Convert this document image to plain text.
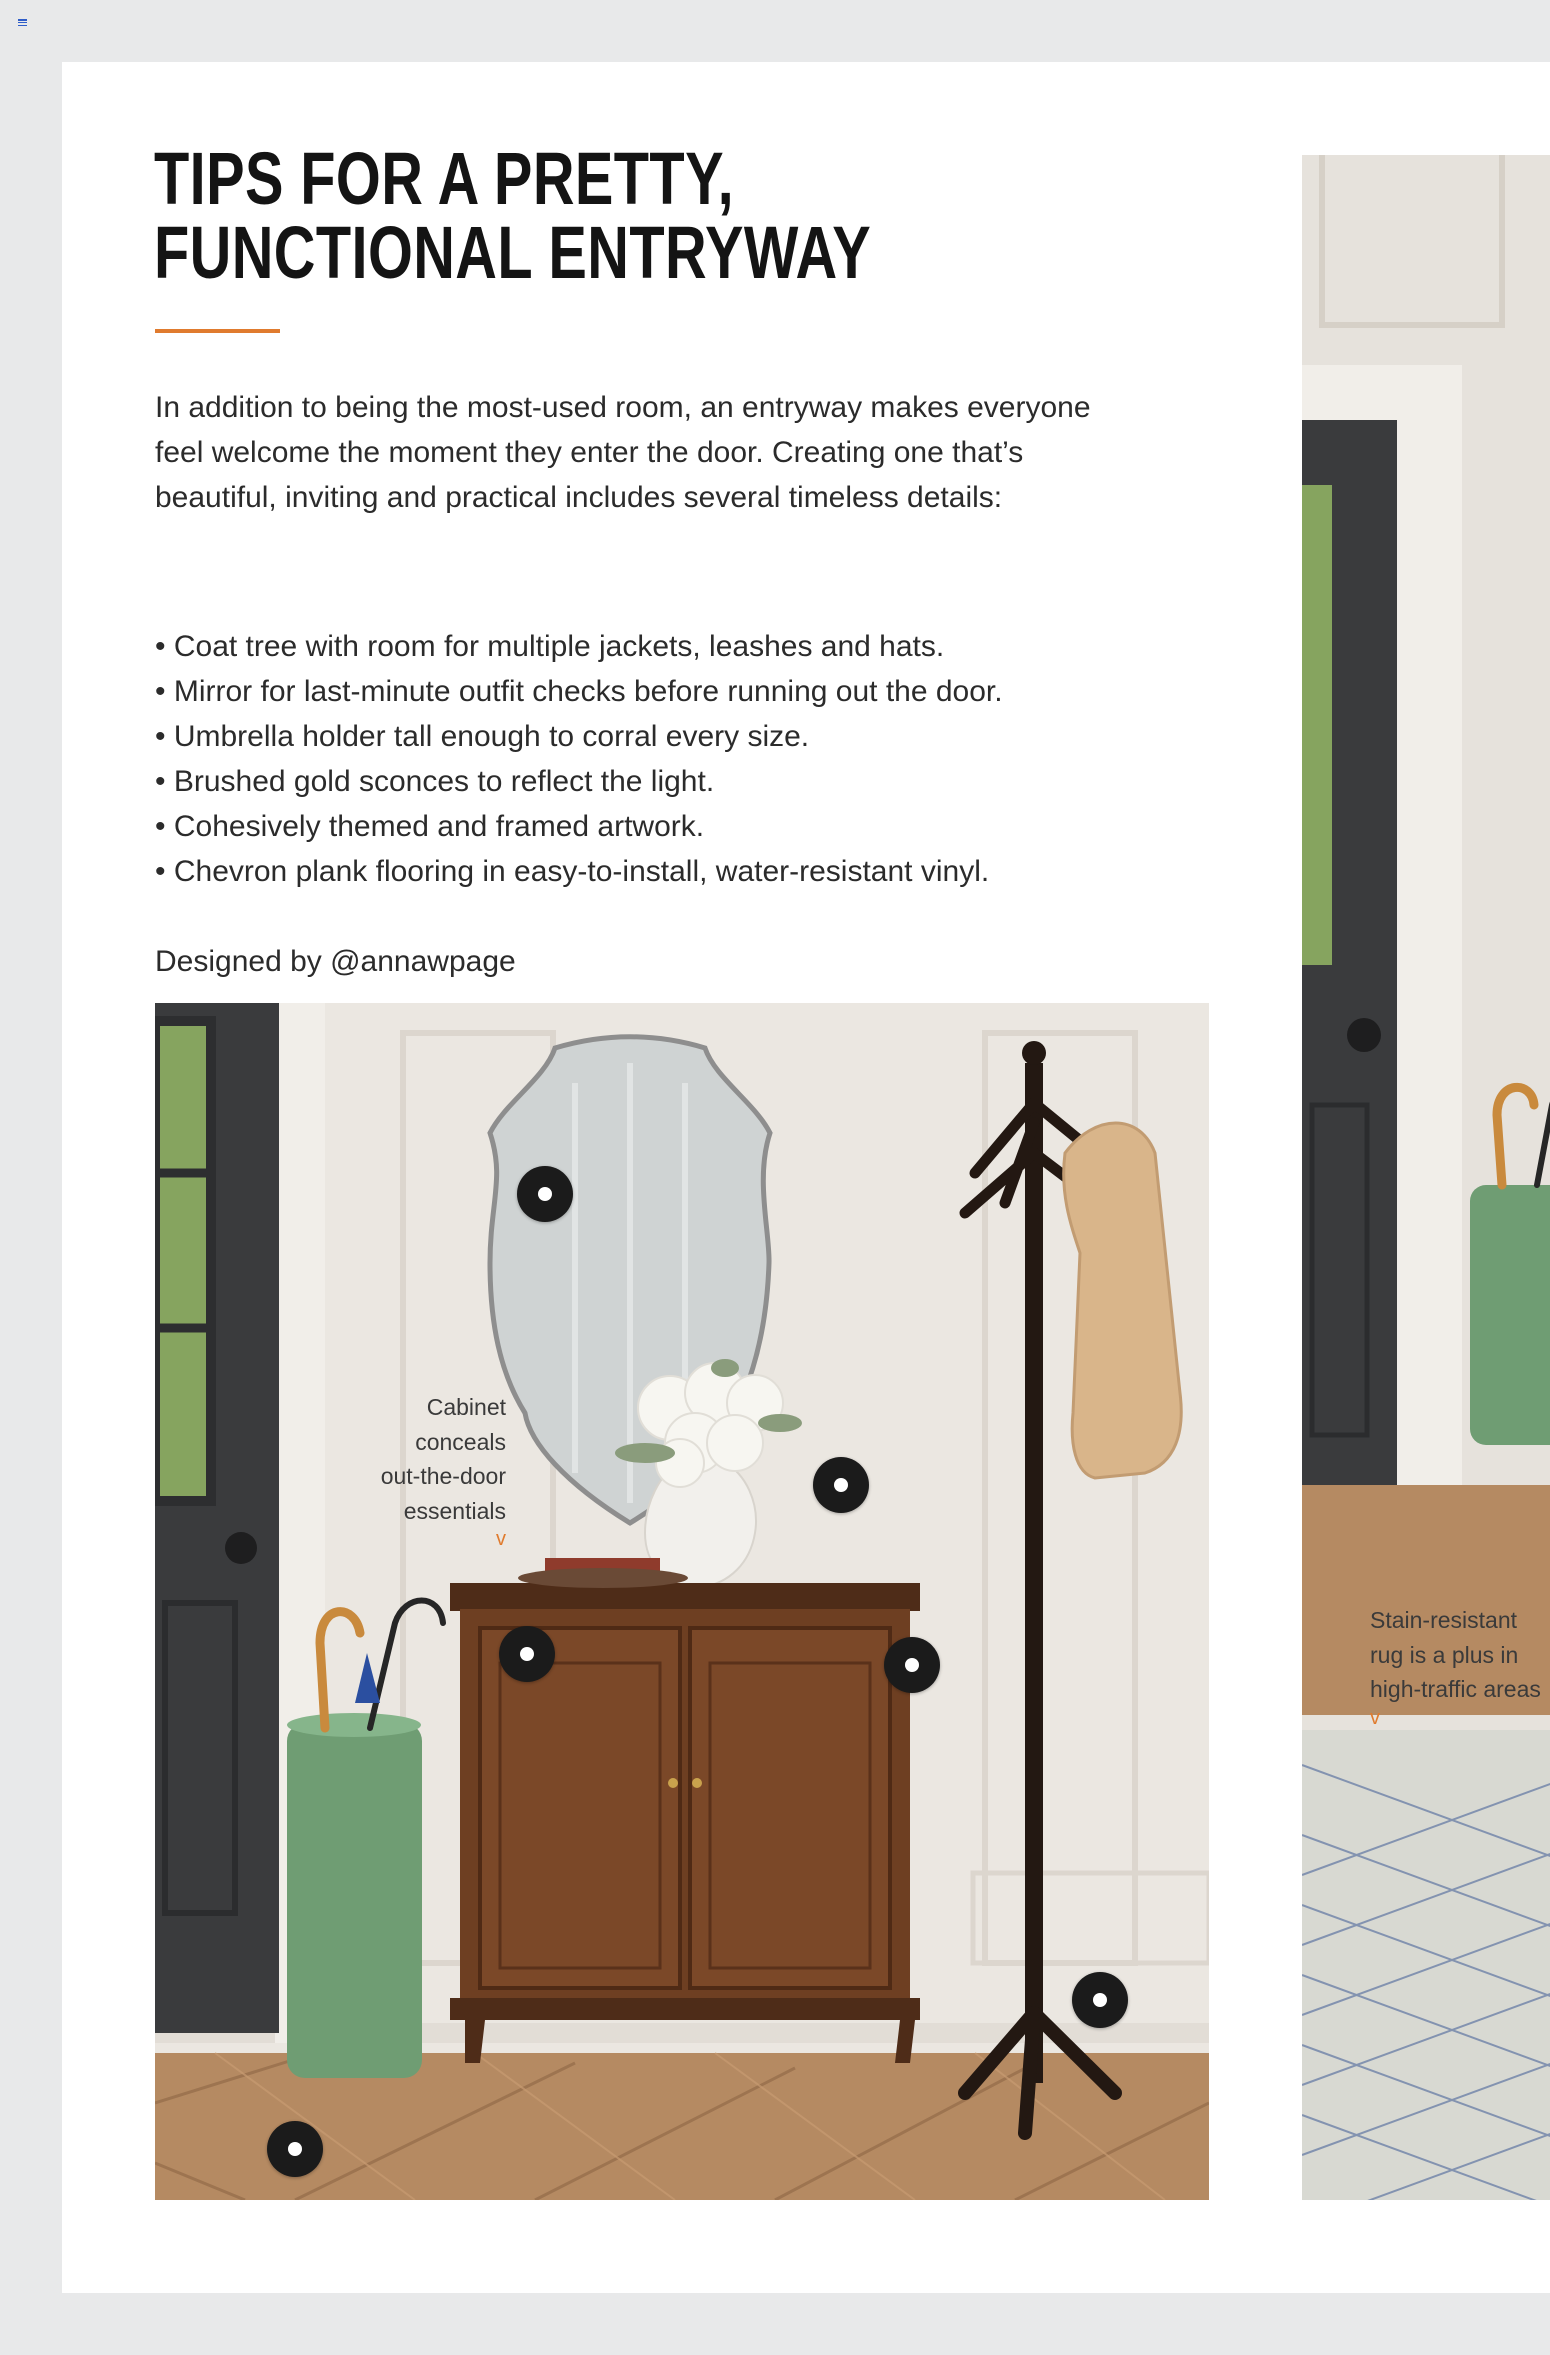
TIPS FOR A PRETTY,
FUNCTIONAL ENTRYWAY

In addition to being the most-used room, an entryway makes everyone
feel welcome the moment they enter the door. Creating one that’s
beautiful, inviting and practical includes several timeless details:

• Coat tree with room for multiple jackets, leashes and hats.
• Mirror for last-minute outfit checks before running out the door.
• Umbrella holder tall enough to corral every size.
• Brushed gold sconces to reflect the light.
• Cohesively themed and framed artwork.
• Chevron plank flooring in easy-to-install, water-resistant vinyl.

Designed by @annawpage

Cabinet
conceals
out-the-door
essentials
v

Stain-resistant
rug is a plus in
high-traffic areas
v
